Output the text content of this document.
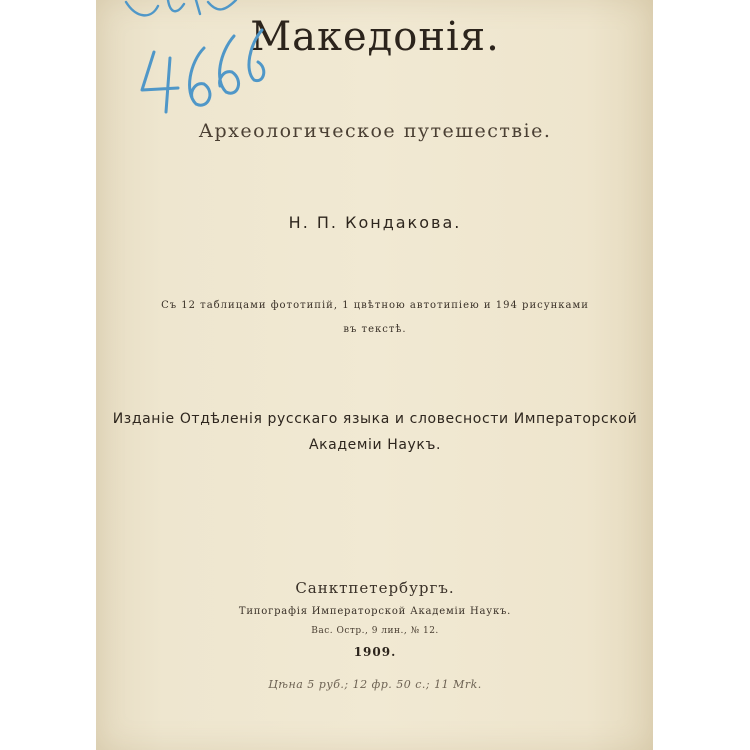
Македонія.
Археологическое путешествіе.
Н. П. Кондакова.
Съ 12 таблицами фототипій, 1 цвѣтною автотипіею и 194 рисунками
въ текстѣ.
Изданіе Отдѣленія русскаго языка и словесности Императорской
Академіи Наукъ.
Санктпетербургъ.
Типографія Императорской Академіи Наукъ.
Вас. Остр., 9 лин., № 12.
1909.
Цѣна 5 руб.; 12 фр. 50 с.; 11 Mrk.
